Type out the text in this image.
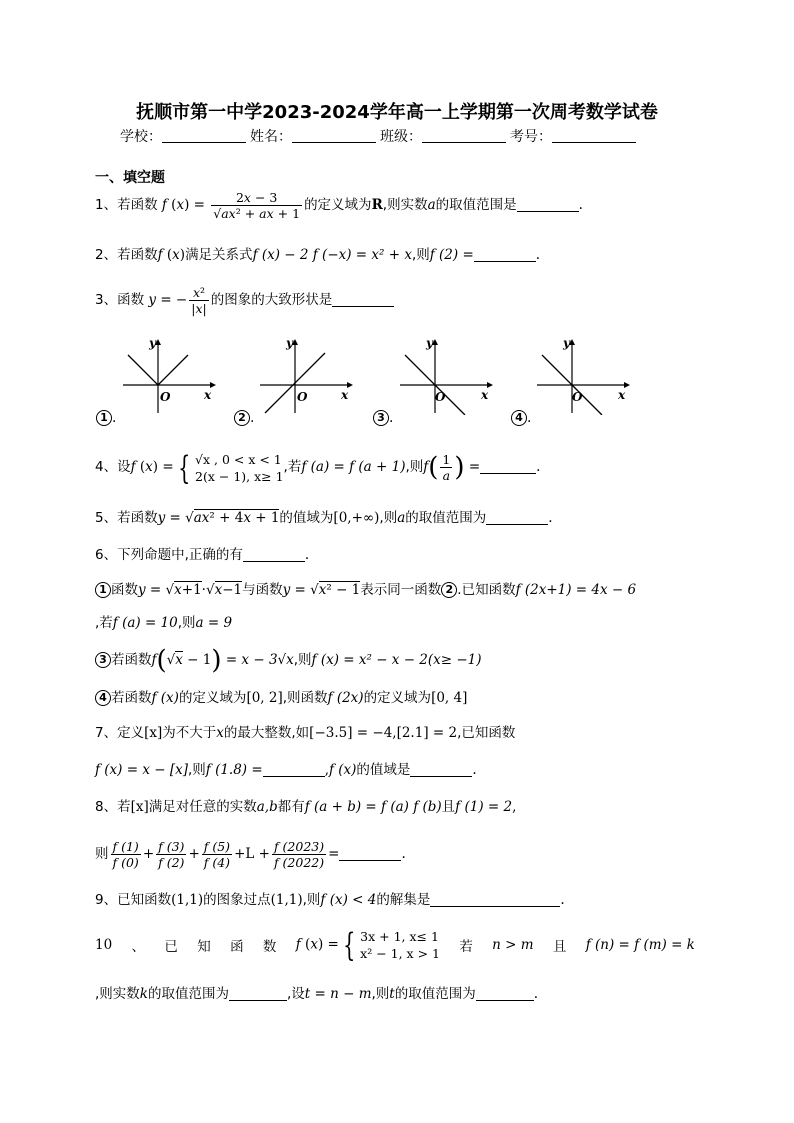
抚顺市第一中学2023-2024学年高一上学期第一次周考数学试卷
学校：	姓名：	班级：	考号：
一、填空题
1、若函数 f $(x) = \frac{2x - 3}{\text{√ax² + ax + 1}}$ 的定义域为R,则实数a的取值范围是	.
2、若函数f (x)满足关系式f (x) − 2 f (−x) = x² + x,则f (2) =	.
3、函数 y = − $\frac{\text{x²}}{|x|}$ 的图象的大致形状是
y
x
O
1 .
y
x
O
2 .
y
x
O
3 .
y
x
O
4 .
4、设f (x) = { √x , 0 < x < 1
2(x − 1), x≥ 1
,若f (a) = f (a + 1),则$f( \frac{1}{a}$ ) =	.
5、若函数y = √ax² + 4x + 1的值域为[0,+∞),则a的取值范围为	.
6、下列命题中,正确的有	.
1 函数y = √x+1·√x−1与函数y = √x² − 1表示同一函数 2 .已知函数f (2x+1) = 4x − 6
,若f (a) = 10,则a = 9
3 若函数f(√x − 1) = x − 3√x,则f (x) = x² − x − 2(x≥ −1)
4 若函数f (x)的定义域为[0, 2],则函数f (2x)的定义域为[0, 4]
7、定义[x]为不大于x的最大整数,如[−3.5] = −4,[2.1] = 2,已知函数
f (x) = x − [x],则f (1.8) =	,f (x)的值域是	.
8、若[x]满足对任意的实数a,b都有f (a + b) = f (a) f (b)且f (1) = 2,
则 $\frac{f (1)}{f (0)} + \frac{f (3)}{f (2)} + \frac{f (5)}{f (4)} +L + \frac{f (2023)}{f (2022)}$ =	.
9、已知函数(1,1)的图象过点(1,1),则f (x) < 4的解集是	.
10 、 已 知 函 数 f (x) = { 3x + 1, x≤ 1
x² − 1, x > 1 若 n > m 且 f (n) = f (m) = k
,则实数k的取值范围为	,设t = n − m,则t的取值范围为	.
